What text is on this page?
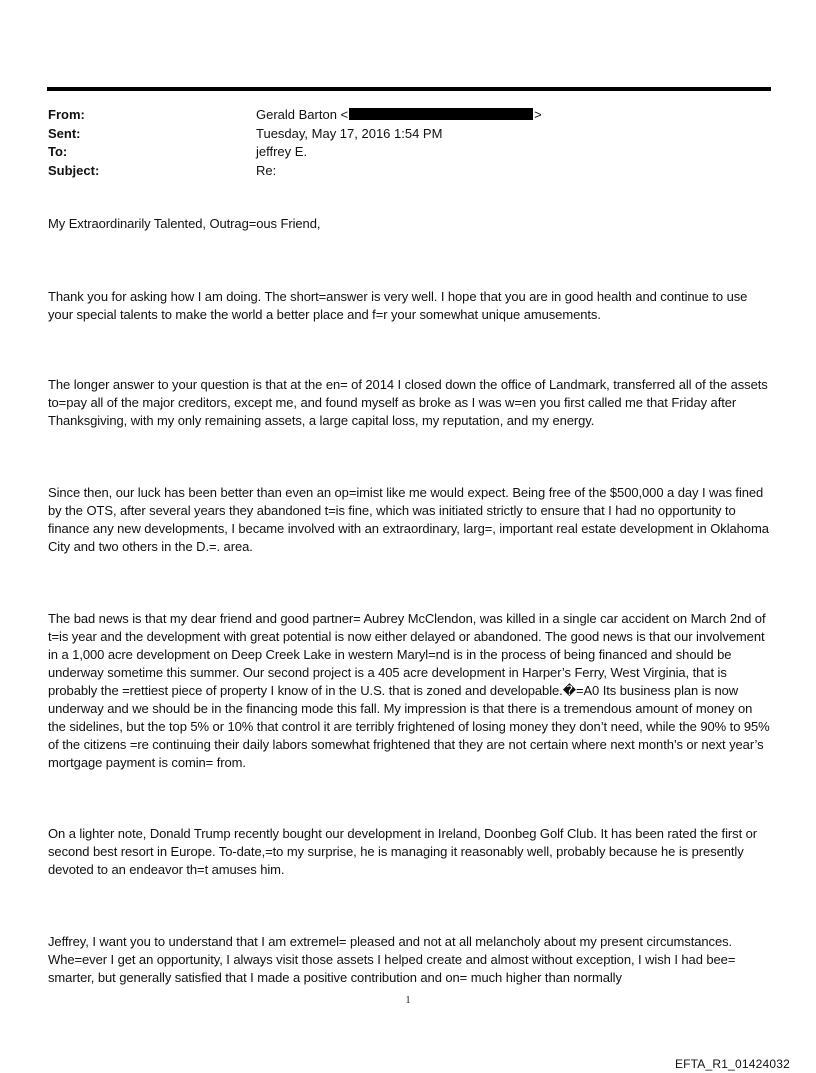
From:	Gerald Barton <	>
Sent:	Tuesday, May 17, 2016 1:54 PM
To:	jeffrey E.
Subject:	Re:

My Extraordinarily Talented, Outrag=ous Friend,

Thank you for asking how I am doing. The short=answer is very well. I hope that you are in good health and continue to use your special talents to make the world a better place and f=r your somewhat unique amusements.

The longer answer to your question is that at the en= of 2014 I closed down the office of Landmark, transferred all of the assets to=pay all of the major creditors, except me, and found myself as broke as I was w=en you first called me that Friday after Thanksgiving, with my only remaining assets, a large capital loss, my reputation, and my energy.

Since then, our luck has been better than even an op=imist like me would expect. Being free of the $500,000 a day I was fined by the OTS, after several years they abandoned t=is fine, which was initiated strictly to ensure that I had no opportunity to finance any new developments, I became involved with an extraordinary, larg=, important real estate development in Oklahoma City and two others in the D.=. area.

The bad news is that my dear friend and good partner= Aubrey McClendon, was killed in a single car accident on March 2nd of t=is year and the development with great potential is now either delayed or abandoned. The good news is that our involvement in a 1,000 acre development on Deep Creek Lake in western Maryl=nd is in the process of being financed and should be underway sometime this summer. Our second project is a 405 acre development in Harper’s Ferry, West Virginia, that is probably the =rettiest piece of property I know of in the U.S. that is zoned and developable.�=A0 Its business plan is now underway and we should be in the financing mode this fall. My impression is that there is a tremendous amount of money on the sidelines, but the top 5% or 10% that control it are terribly frightened of losing money they don’t need, while the 90% to 95% of the citizens =re continuing their daily labors somewhat frightened that they are not certain where next month’s or next year’s mortgage payment is comin= from.

On a lighter note, Donald Trump recently bought our development in Ireland, Doonbeg Golf Club. It has been rated the first or second best resort in Europe. To-date,=to my surprise, he is managing it reasonably well, probably because he is presently devoted to an endeavor th=t amuses him.

Jeffrey, I want you to understand that I am extremel= pleased and not at all melancholy about my present circumstances. Whe=ever I get an opportunity, I always visit those assets I helped create and almost without exception, I wish I had bee= smarter, but generally satisfied that I made a positive contribution and on= much higher than normally

1
EFTA_R1_01424032
